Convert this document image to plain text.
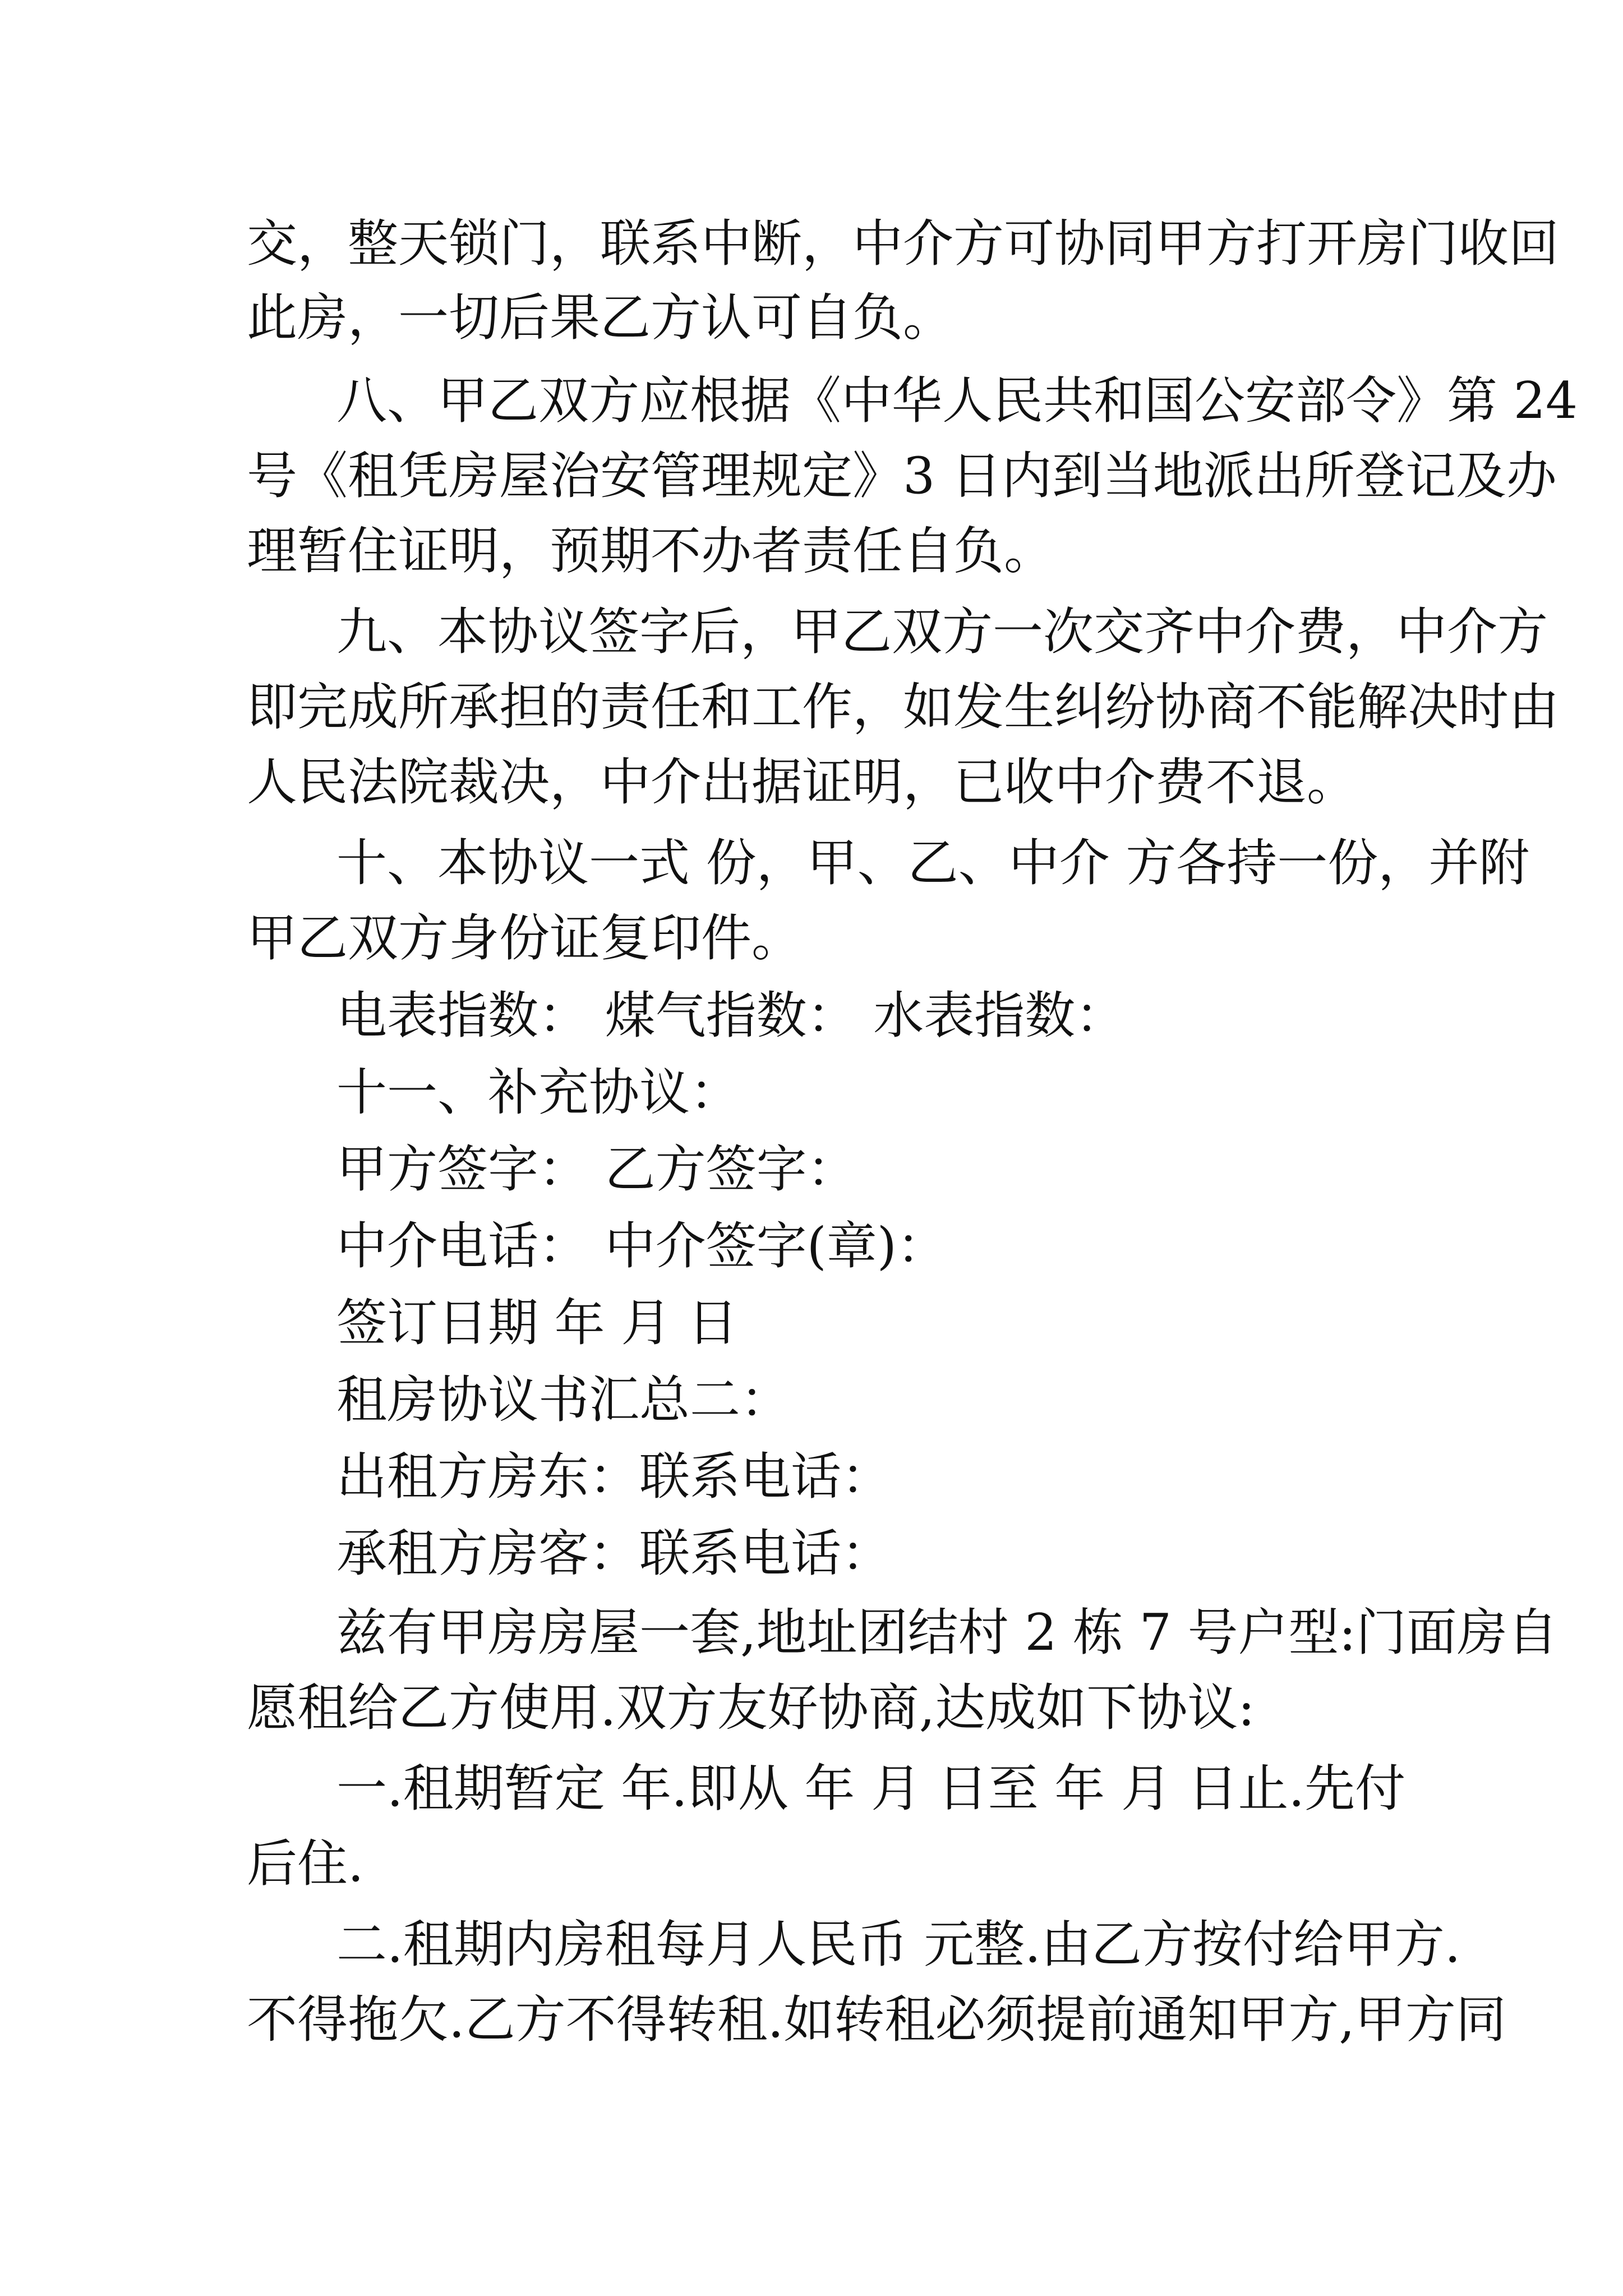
交，整天锁门，联系中断，中介方可协同甲方打开房门收回
此房，一切后果乙方认可自负。
八、甲乙双方应根据《中华人民共和国公安部令》第 24
号《租凭房屋治安管理规定》3 日内到当地派出所登记及办
理暂住证明，预期不办者责任自负。
九、本协议签字后，甲乙双方一次交齐中介费，中介方
即完成所承担的责任和工作，如发生纠纷协商不能解决时由
人民法院裁决，中介出据证明，已收中介费不退。
十、本协议一式 份，甲、乙、中介 方各持一份，并附
甲乙双方身份证复印件。
电表指数： 煤气指数： 水表指数：
十一、补充协议：
甲方签字： 乙方签字：
中介电话： 中介签字(章)：
签订日期 年 月 日
租房协议书汇总二：
出租方房东：联系电话：
承租方房客：联系电话：
兹有甲房房屋一套,地址团结村 2 栋 7 号户型:门面房自
愿租给乙方使用.双方友好协商,达成如下协议:
一.租期暂定 年.即从 年 月 日至 年 月 日止.先付
后住.
二.租期内房租每月人民币 元整.由乙方按付给甲方.
不得拖欠.乙方不得转租.如转租必须提前通知甲方,甲方同
